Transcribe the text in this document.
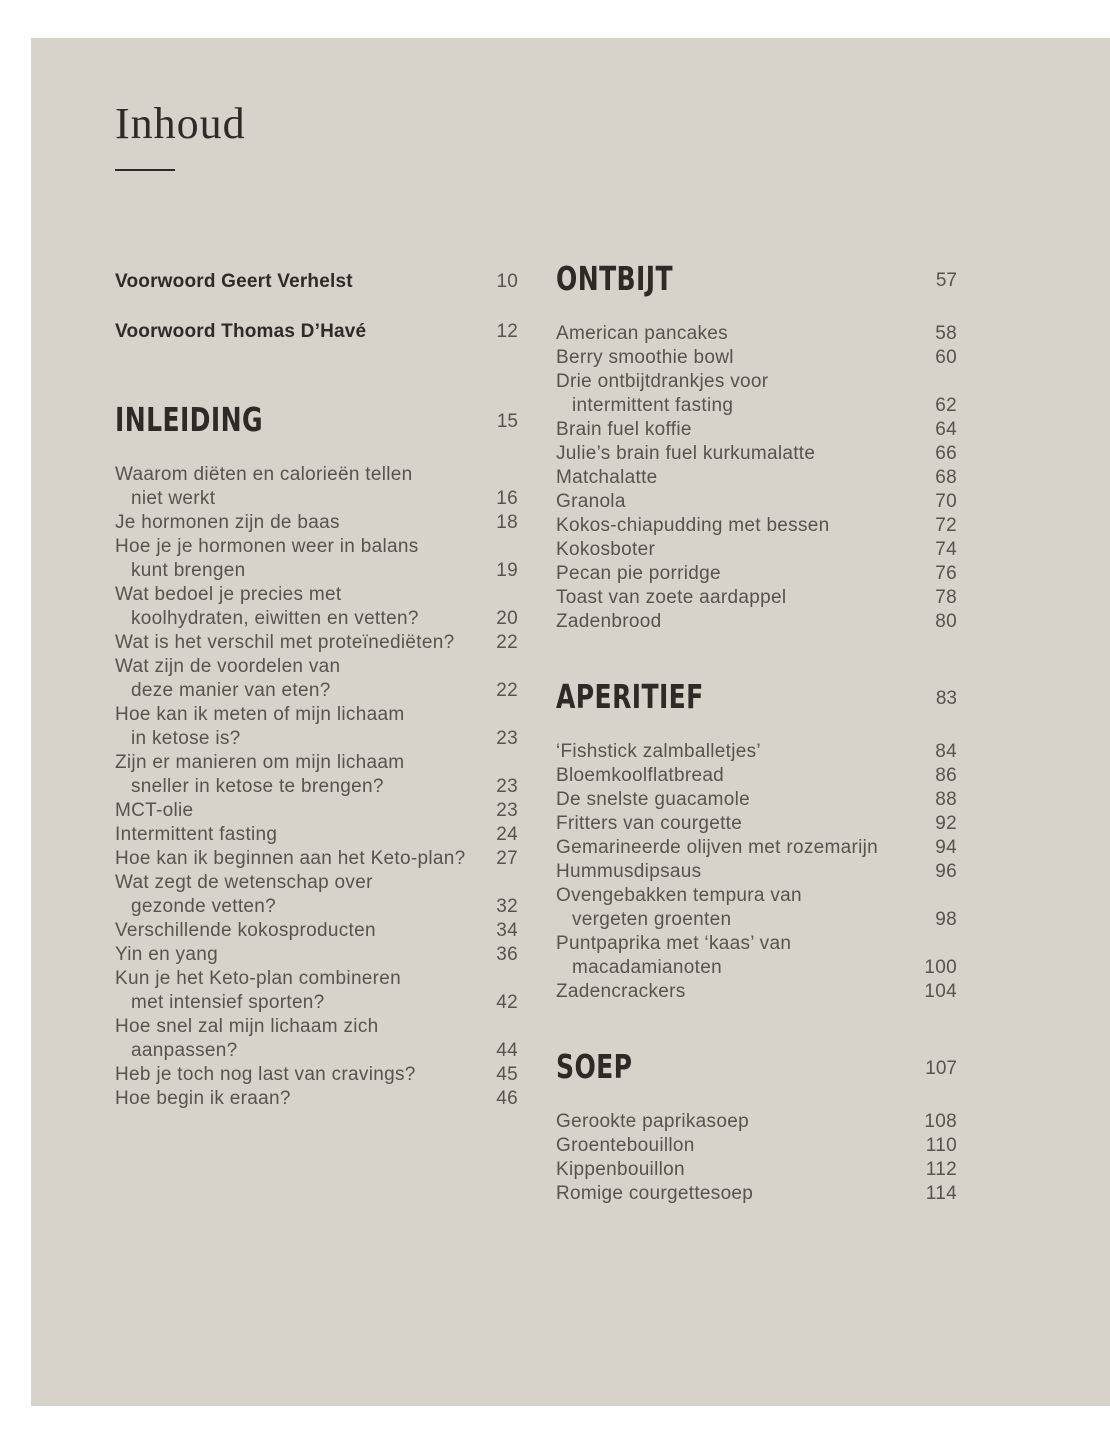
Inhoud
Voorwoord Geert Verhelst	10
Voorwoord Thomas D’Havé	12
INLEIDING	15
Waarom diëten en calorieën tellen
niet werkt	16
Je hormonen zijn de baas	18
Hoe je je hormonen weer in balans
kunt brengen	19
Wat bedoel je precies met
koolhydraten, eiwitten en vetten?	20
Wat is het verschil met proteïnediëten?	22
Wat zijn de voordelen van
deze manier van eten?	22
Hoe kan ik meten of mijn lichaam
in ketose is?	23
Zijn er manieren om mijn lichaam
sneller in ketose te brengen?	23
MCT-olie	23
Intermittent fasting	24
Hoe kan ik beginnen aan het Keto-plan?	27
Wat zegt de wetenschap over
gezonde vetten?	32
Verschillende kokosproducten	34
Yin en yang	36
Kun je het Keto-plan combineren
met intensief sporten?	42
Hoe snel zal mijn lichaam zich
aanpassen?	44
Heb je toch nog last van cravings?	45
Hoe begin ik eraan?	46
ONTBIJT	57
American pancakes	58
Berry smoothie bowl	60
Drie ontbijtdrankjes voor
intermittent fasting	62
Brain fuel koffie	64
Julie’s brain fuel kurkumalatte	66
Matchalatte	68
Granola	70
Kokos-chiapudding met bessen	72
Kokosboter	74
Pecan pie porridge	76
Toast van zoete aardappel	78
Zadenbrood	80
APERITIEF	83
‘Fishstick zalmballetjes’	84
Bloemkoolflatbread	86
De snelste guacamole	88
Fritters van courgette	92
Gemarineerde olijven met rozemarijn	94
Hummusdipsaus	96
Ovengebakken tempura van
vergeten groenten	98
Puntpaprika met ‘kaas’ van
macadamianoten	100
Zadencrackers	104
SOEP	107
Gerookte paprikasoep	108
Groentebouillon	110
Kippenbouillon	112
Romige courgettesoep	114
